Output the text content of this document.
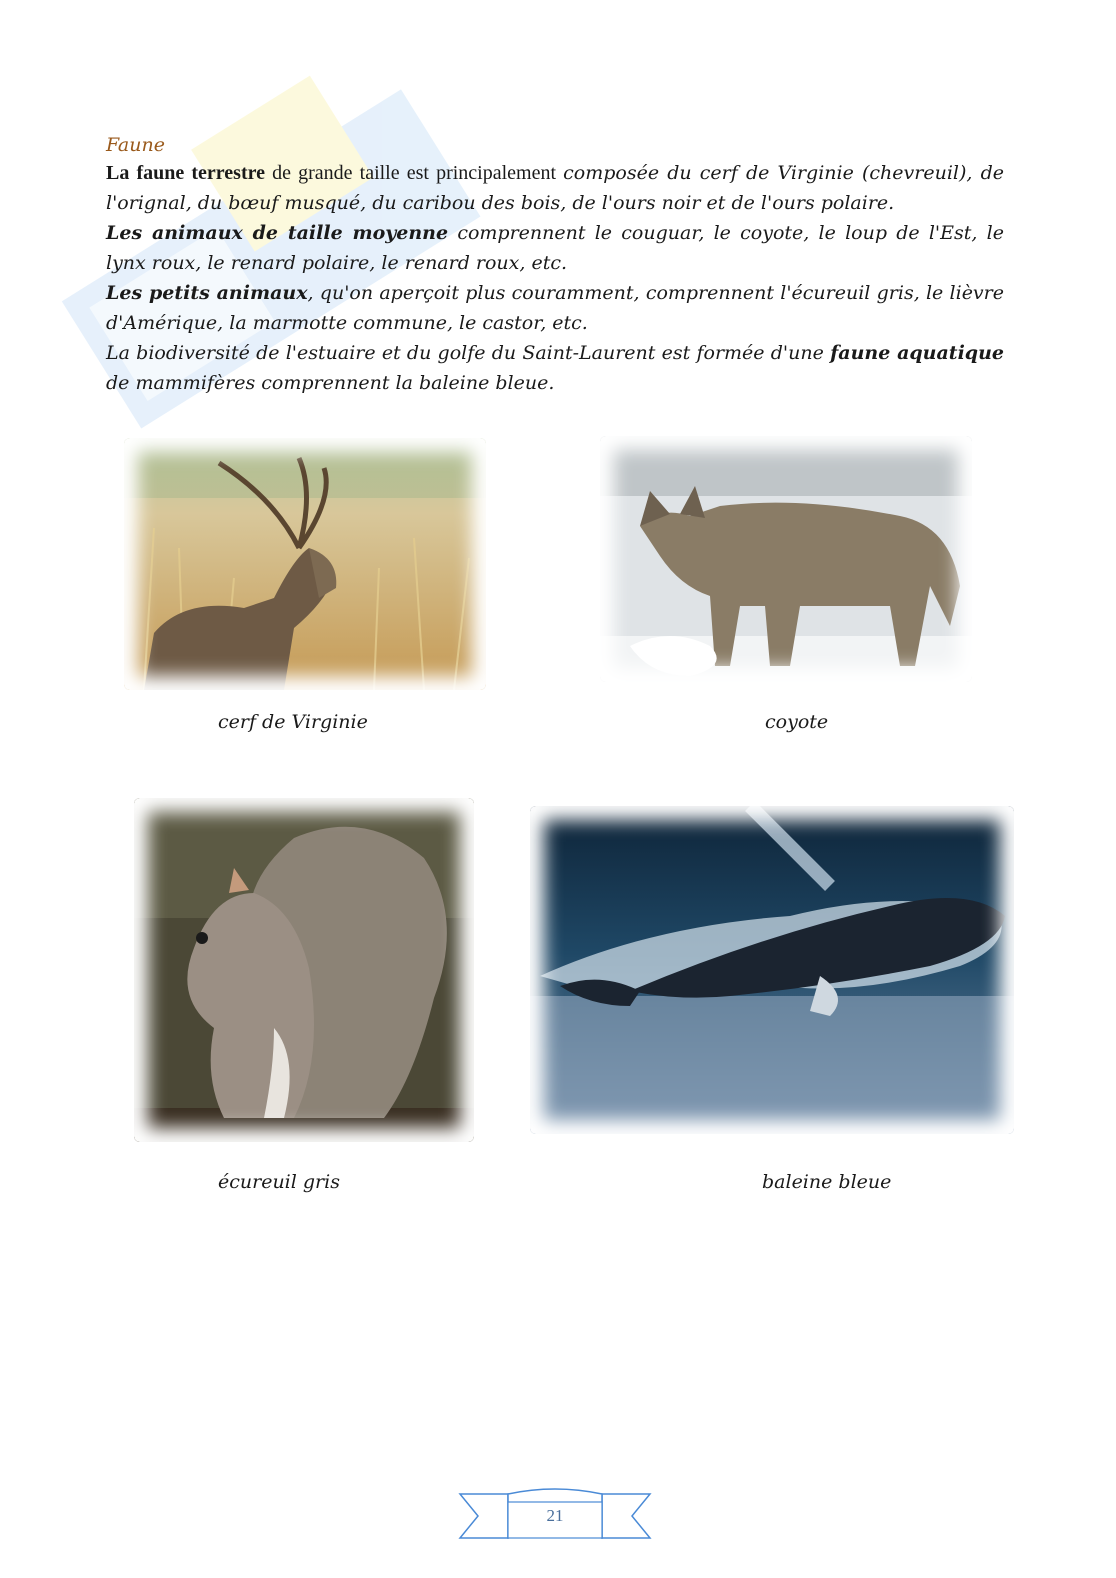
Faune

La faune terrestre de grande taille est principalement composée du cerf de Virginie (chevreuil), de l'orignal, du bœuf musqué, du caribou des bois, de l'ours noir et de l'ours polaire.

Les animaux de taille moyenne comprennent le couguar, le coyote, le loup de l'Est, le lynx roux, le renard polaire, le renard roux, etc.

Les petits animaux, qu'on aperçoit plus couramment, comprennent l'écureuil gris, le lièvre d'Amérique, la marmotte commune, le castor, etc.

La biodiversité de l'estuaire et du golfe du Saint-Laurent est formée d'une faune aquatique de mammifères comprennent la baleine bleue.

cerf de Virginie	coyote
écureuil gris	baleine bleue
21
